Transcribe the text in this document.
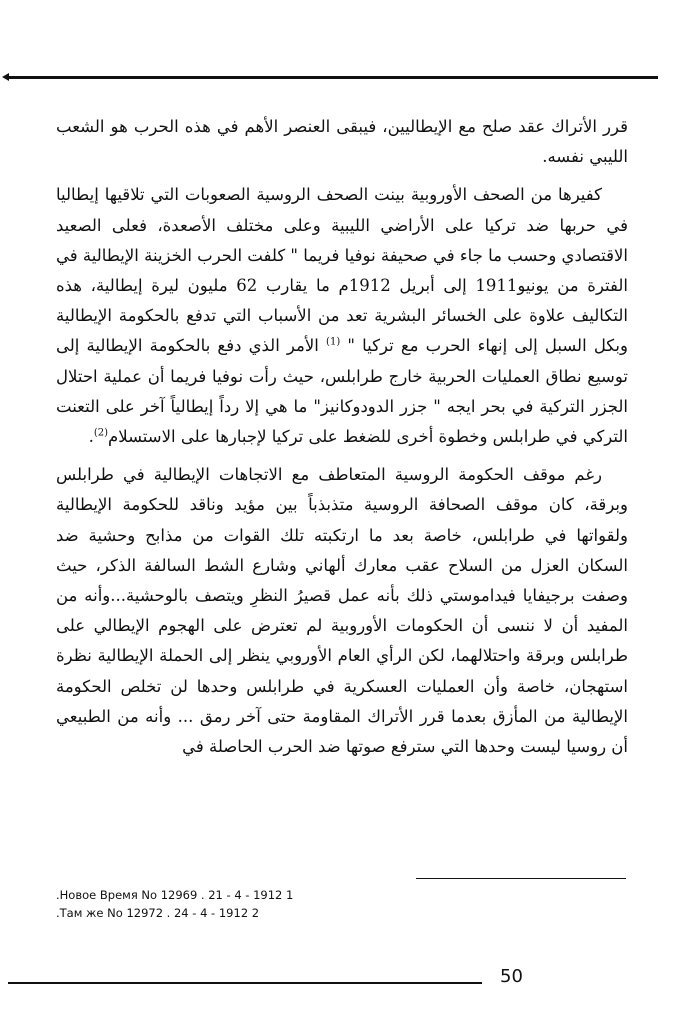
قرر الأتراك عقد صلح مع الإيطاليين، فيبقى العنصر الأهم في هذه الحرب هو الشعب الليبي نفسه.

كفيرها من الصحف الأوروبية بينت الصحف الروسية الصعوبات التي تلاقيها إيطاليا في حربها ضد تركيا على الأراضي الليبية وعلى مختلف الأصعدة، فعلى الصعيد الاقتصادي وحسب ما جاء في صحيفة نوفيا فريما " كلفت الحرب الخزينة الإيطالية في الفترة من يونيو1911 إلى أبريل 1912م ما يقارب 62 مليون ليرة إيطالية، هذه التكاليف علاوة على الخسائر البشرية تعد من الأسباب التي تدفع بالحكومة الإيطالية وبكل السبل إلى إنهاء الحرب مع تركيا " $^{(1)}$ الأمر الذي دفع بالحكومة الإيطالية إلى توسيع نطاق العمليات الحربية خارج طرابلس، حيث رأت نوفيا فريما أن عملية احتلال الجزر التركية في بحر ايجه " جزر الدودوكانيز" ما هي إلا رداً إيطالياً آخر على التعنت التركي في طرابلس وخطوة أخرى للضغط على تركيا لإجبارها على الاستسلام$^{(2)}$.

رغم موقف الحكومة الروسية المتعاطف مع الاتجاهات الإيطالية في طرابلس وبرقة، كان موقف الصحافة الروسية متذبذباً بين مؤيد وناقد للحكومة الإيطالية ولقواتها في طرابلس، خاصة بعد ما ارتكبته تلك القوات من مذابح وحشية ضد السكان العزل من السلاح عقب معارك ألهاني وشارع الشط السالفة الذكر، حيث وصفت برجيفايا فيداموستي ذلك بأنه عمل قصيرُ النظرِ ويتصف بالوحشية...وأنه من المفيد أن لا ننسى أن الحكومات الأوروبية لم تعترض على الهجوم الإيطالي على طرابلس وبرقة واحتلالهما، لكن الرأي العام الأوروبي ينظر إلى الحملة الإيطالية نظرة استهجان، خاصة وأن العمليات العسكرية في طرابلس وحدها لن تخلص الحكومة الإيطالية من المأزق بعدما قرر الأتراك المقاومة حتى آخر رمق ... وأنه من الطبيعي أن روسيا ليست وحدها التي سترفع صوتها ضد الحرب الحاصلة في

.Новое Время No 12969 . 21 - 4 - 1912 1
.Там же No 12972 . 24 - 4 - 1912 2
50
